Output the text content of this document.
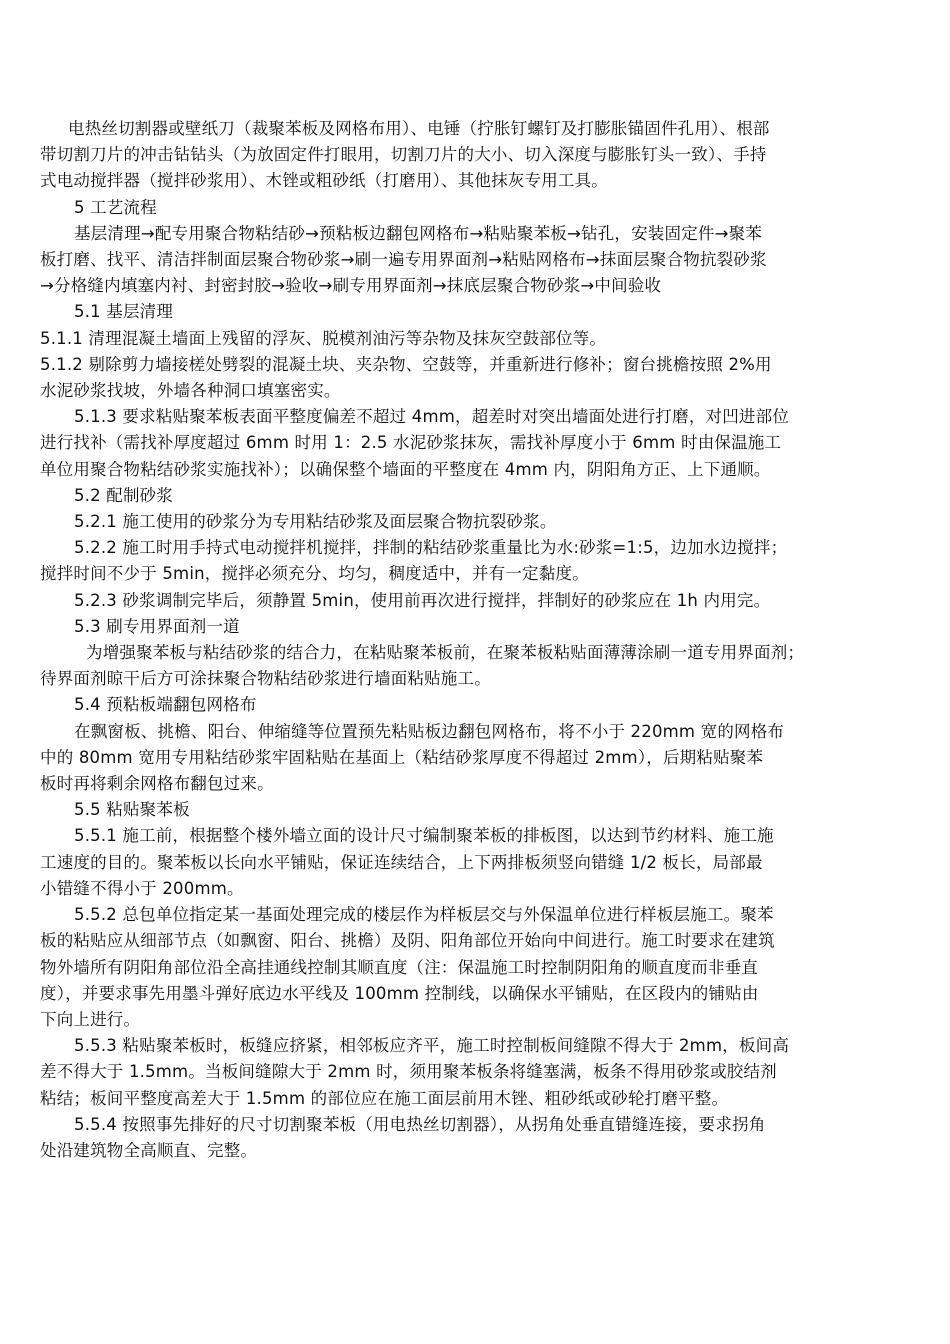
电热丝切割器或壁纸刀（裁聚苯板及网格布用）、电锤（拧胀钉螺钉及打膨胀锚固件孔用）、根部
带切割刀片的冲击钻钻头（为放固定件打眼用，切割刀片的大小、切入深度与膨胀钉头一致）、手持
式电动搅拌器（搅拌砂浆用）、木锉或粗砂纸（打磨用）、其他抹灰专用工具。
5 工艺流程
基层清理→配专用聚合物粘结砂→预粘板边翻包网格布→粘贴聚苯板→钻孔，安装固定件→聚苯
板打磨、找平、清洁拌制面层聚合物砂浆→刷一遍专用界面剂→粘贴网格布→抹面层聚合物抗裂砂浆
→分格缝内填塞内衬、封密封胶→验收→刷专用界面剂→抹底层聚合物砂浆→中间验收
5.1 基层清理
5.1.1 清理混凝土墙面上残留的浮灰、脱模剂油污等杂物及抹灰空鼓部位等。
5.1.2 剔除剪力墙接槎处劈裂的混凝土块、夹杂物、空鼓等，并重新进行修补；窗台挑檐按照 2%用
水泥砂浆找坡，外墙各种洞口填塞密实。
5.1.3 要求粘贴聚苯板表面平整度偏差不超过 4mm，超差时对突出墙面处进行打磨，对凹进部位
进行找补（需找补厚度超过 6mm 时用 1：2.5 水泥砂浆抹灰，需找补厚度小于 6mm 时由保温施工
单位用聚合物粘结砂浆实施找补）；以确保整个墙面的平整度在 4mm 内，阴阳角方正、上下通顺。
5.2 配制砂浆
5.2.1 施工使用的砂浆分为专用粘结砂浆及面层聚合物抗裂砂浆。
5.2.2 施工时用手持式电动搅拌机搅拌，拌制的粘结砂浆重量比为水:砂浆=1:5，边加水边搅拌；
搅拌时间不少于 5min，搅拌必须充分、均匀，稠度适中，并有一定黏度。
5.2.3 砂浆调制完毕后，须静置 5min，使用前再次进行搅拌，拌制好的砂浆应在 1h 内用完。
5.3 刷专用界面剂一道
为增强聚苯板与粘结砂浆的结合力，在粘贴聚苯板前，在聚苯板粘贴面薄薄涂刷一道专用界面剂；
待界面剂晾干后方可涂抹聚合物粘结砂浆进行墙面粘贴施工。
5.4 预粘板端翻包网格布
在飘窗板、挑檐、阳台、伸缩缝等位置预先粘贴板边翻包网格布，将不小于 220mm 宽的网格布
中的 80mm 宽用专用粘结砂浆牢固粘贴在基面上（粘结砂浆厚度不得超过 2mm），后期粘贴聚苯
板时再将剩余网格布翻包过来。
5.5 粘贴聚苯板
5.5.1 施工前，根据整个楼外墙立面的设计尺寸编制聚苯板的排板图，以达到节约材料、施工施
工速度的目的。聚苯板以长向水平铺贴，保证连续结合，上下两排板须竖向错缝 1/2 板长，局部最
小错缝不得小于 200mm。
5.5.2 总包单位指定某一基面处理完成的楼层作为样板层交与外保温单位进行样板层施工。聚苯
板的粘贴应从细部节点（如飘窗、阳台、挑檐）及阴、阳角部位开始向中间进行。施工时要求在建筑
物外墙所有阴阳角部位沿全高挂通线控制其顺直度（注：保温施工时控制阴阳角的顺直度而非垂直
度），并要求事先用墨斗弹好底边水平线及 100mm 控制线，以确保水平铺贴，在区段内的铺贴由
下向上进行。
5.5.3 粘贴聚苯板时，板缝应挤紧，相邻板应齐平，施工时控制板间缝隙不得大于 2mm，板间高
差不得大于 1.5mm。当板间缝隙大于 2mm 时，须用聚苯板条将缝塞满，板条不得用砂浆或胶结剂
粘结；板间平整度高差大于 1.5mm 的部位应在施工面层前用木锉、粗砂纸或砂轮打磨平整。
5.5.4 按照事先排好的尺寸切割聚苯板（用电热丝切割器），从拐角处垂直错缝连接，要求拐角
处沿建筑物全高顺直、完整。
